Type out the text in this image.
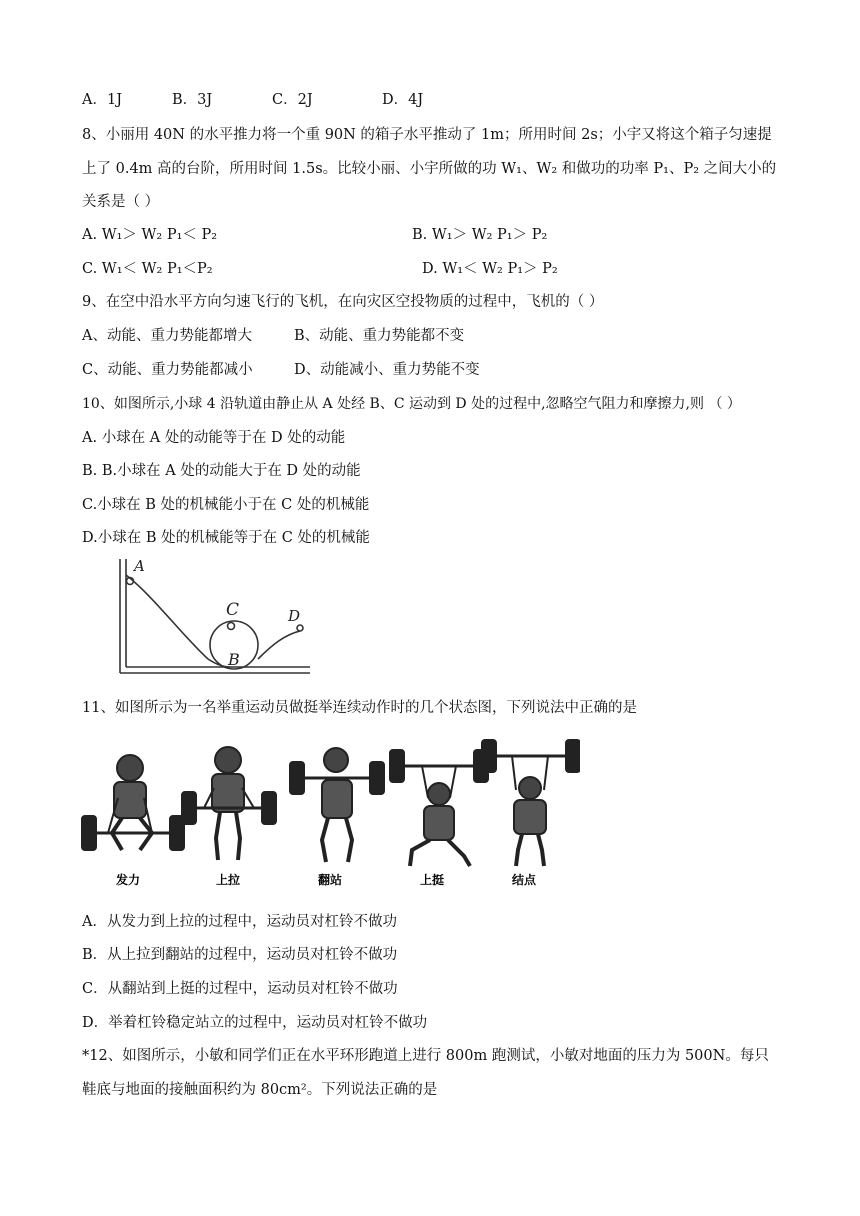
A．1J	B．3J	C．2J	D．4J
8、小丽用 40N 的水平推力将一个重 90N 的箱子水平推动了 1m；所用时间 2s；小宇又将这个箱子匀速提
上了 0.4m 高的台阶，所用时间 1.5s。比较小丽、小宇所做的功 W₁、W₂ 和做功的功率 P₁、P₂ 之间大小的
关系是（ ）
A. W₁＞ W₂ P₁＜ P₂	B. W₁＞ W₂ P₁＞ P₂
C. W₁＜ W₂ P₁＜P₂	D. W₁＜ W₂ P₁＞ P₂
9、在空中沿水平方向匀速飞行的飞机，在向灾区空投物质的过程中，飞机的（ ）
A、动能、重力势能都增大	B、动能、重力势能都不变
C、动能、重力势能都减小	D、动能减小、重力势能不变
10、如图所示,小球 4 沿轨道由静止从 A 处经 B、C 运动到 D 处的过程中,忽略空气阻力和摩擦力,则 （ ）
A. 小球在 A 处的动能等于在 D 处的动能
B. B.小球在 A 处的动能大于在 D 处的动能
C.小球在 B 处的机械能小于在 C 处的机械能
D.小球在 B 处的机械能等于在 C 处的机械能
A
C	D
B
11、如图所示为一名举重运动员做挺举连续动作时的几个状态图，下列说法中正确的是
发力	上拉	翻站	上挺	结点
A．从发力到上拉的过程中，运动员对杠铃不做功
B．从上拉到翻站的过程中，运动员对杠铃不做功
C．从翻站到上挺的过程中，运动员对杠铃不做功
D．举着杠铃稳定站立的过程中，运动员对杠铃不做功
*12、如图所示，小敏和同学们正在水平环形跑道上进行 800m 跑测试，小敏对地面的压力为 500N。每只
鞋底与地面的接触面积约为 80cm²。下列说法正确的是
